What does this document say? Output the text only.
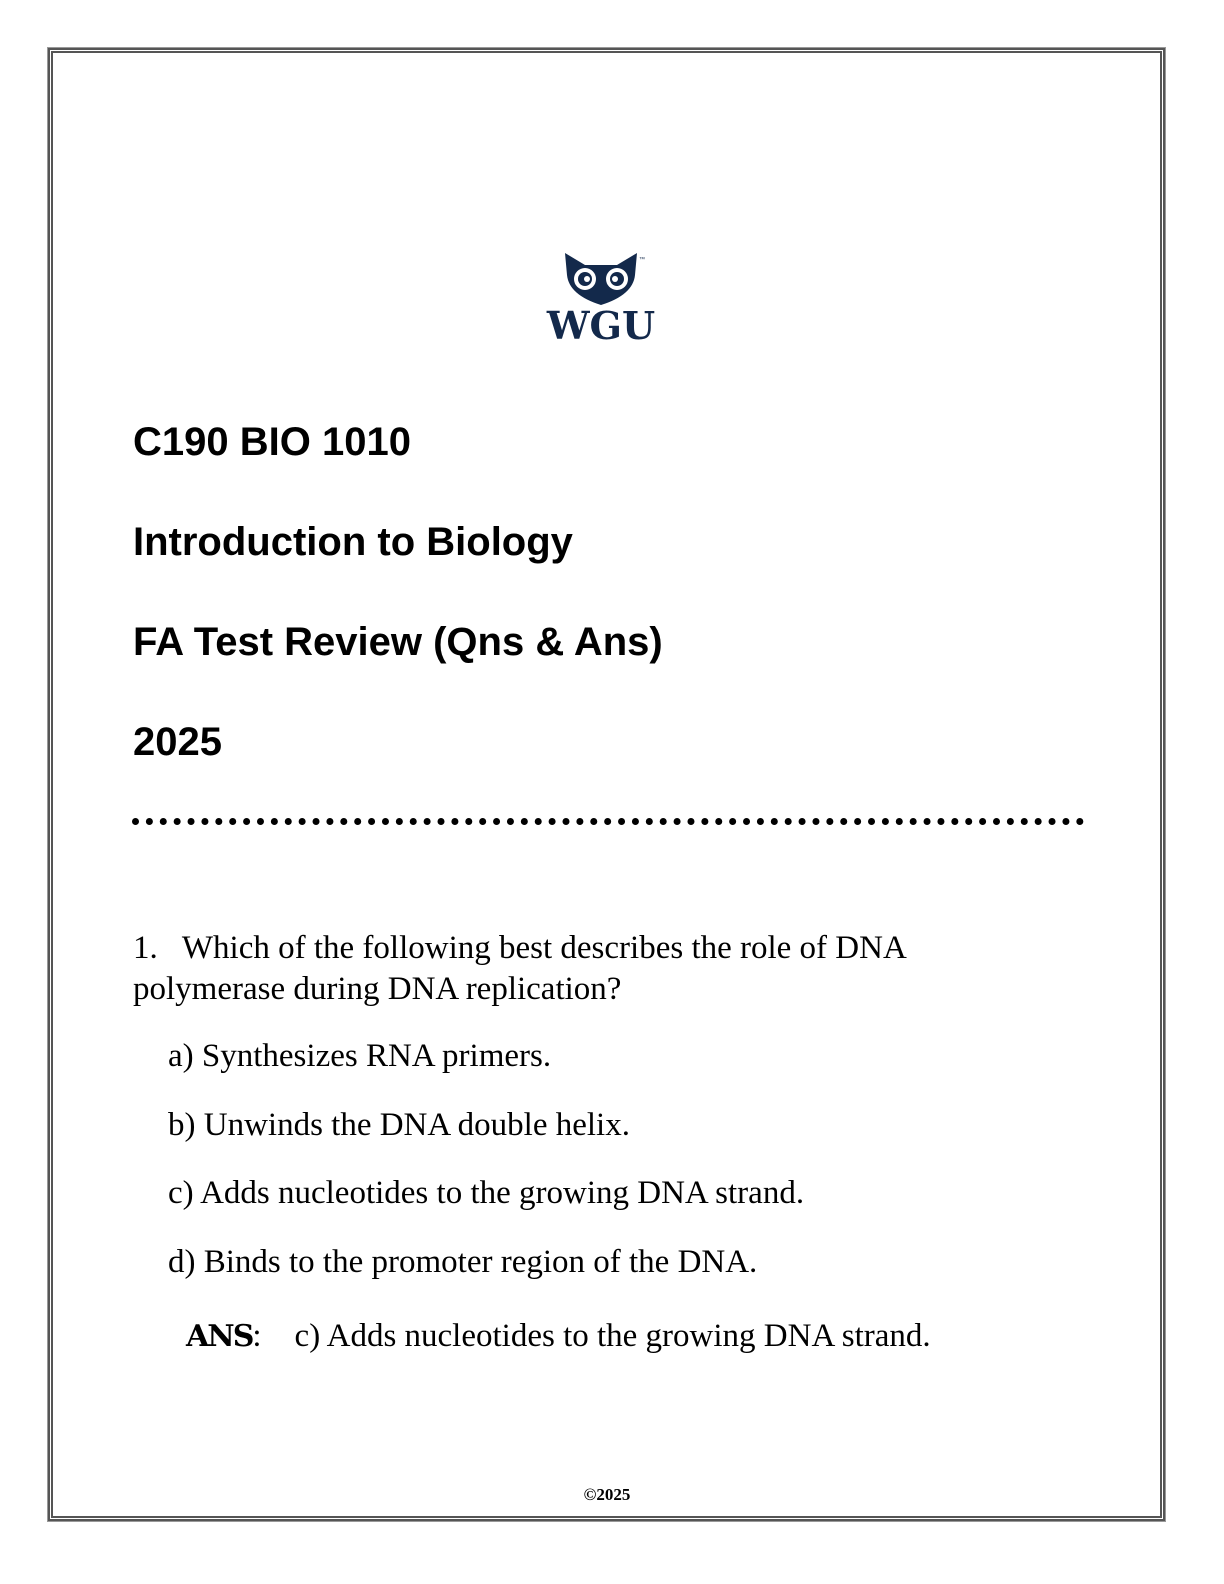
™
WGU
C190 BIO 1010
Introduction to Biology
FA Test Review (Qns & Ans)
2025
1. Which of the following best describes the role of DNA polymerase during DNA replication?
a) Synthesizes RNA primers.
b) Unwinds the DNA double helix.
c) Adds nucleotides to the growing DNA strand.
d) Binds to the promoter region of the DNA.
ANS:    c) Adds nucleotides to the growing DNA strand.
©2025
